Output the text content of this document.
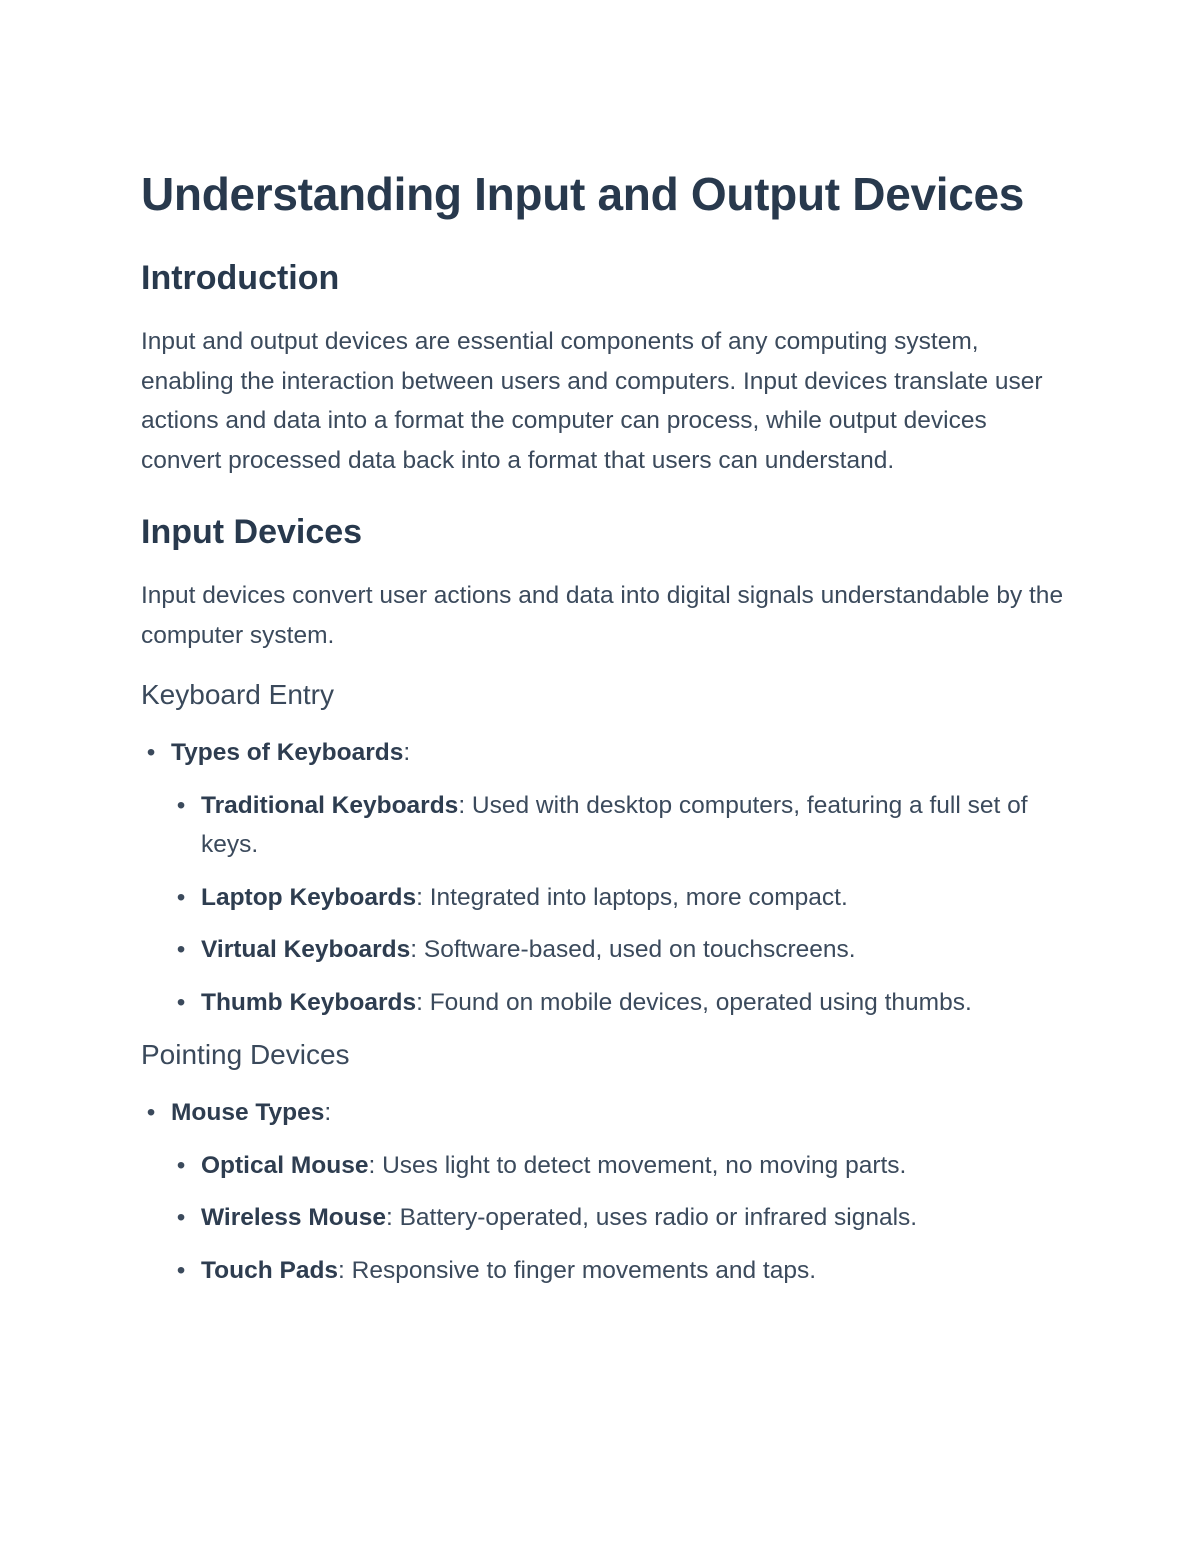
Understanding Input and Output Devices
Introduction

Input and output devices are essential components of any computing system, enabling the interaction between users and computers. Input devices translate user actions and data into a format the computer can process, while output devices convert processed data back into a format that users can understand.

Input Devices

Input devices convert user actions and data into digital signals understandable by the computer system.

Keyboard Entry
• Types of Keyboards:
• Traditional Keyboards: Used with desktop computers, featuring a full set of keys.
• Laptop Keyboards: Integrated into laptops, more compact.
• Virtual Keyboards: Software-based, used on touchscreens.
• Thumb Keyboards: Found on mobile devices, operated using thumbs.
Pointing Devices
• Mouse Types:
• Optical Mouse: Uses light to detect movement, no moving parts.
• Wireless Mouse: Battery-operated, uses radio or infrared signals.
• Touch Pads: Responsive to finger movements and taps.
